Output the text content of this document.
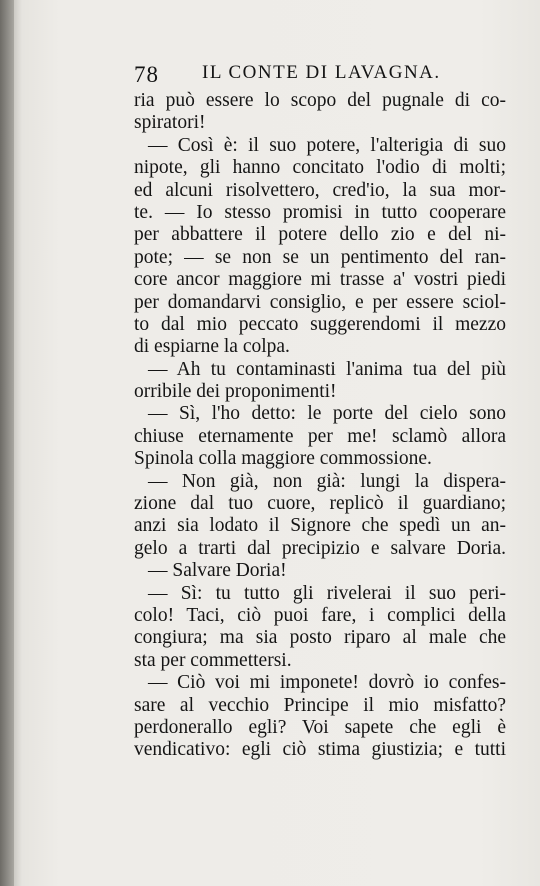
78 IL CONTE DI LAVAGNA.
ria può essere lo scopo del pugnale di co-
spiratori!
— Così è: il suo potere, l'alterigia di suo
nipote, gli hanno concitato l'odio di molti;
ed alcuni risolvettero, cred'io, la sua mor-
te. — Io stesso promisi in tutto cooperare
per abbattere il potere dello zio e del ni-
pote; — se non se un pentimento del ran-
core ancor maggiore mi trasse a' vostri piedi
per domandarvi consiglio, e per essere sciol-
to dal mio peccato suggerendomi il mezzo
di espiarne la colpa.
— Ah tu contaminasti l'anima tua del più
orribile dei proponimenti!
— Sì, l'ho detto: le porte del cielo sono
chiuse eternamente per me! sclamò allora
Spinola colla maggiore commossione.
— Non già, non già: lungi la dispera-
zione dal tuo cuore, replicò il guardiano;
anzi sia lodato il Signore che spedì un an-
gelo a trarti dal precipizio e salvare Doria.
— Salvare Doria!
— Sì: tu tutto gli rivelerai il suo peri-
colo! Taci, ciò puoi fare, i complici della
congiura; ma sia posto riparo al male che
sta per commettersi.
— Ciò voi mi imponete! dovrò io confes-
sare al vecchio Principe il mio misfatto?
perdonerallo egli? Voi sapete che egli è
vendicativo: egli ciò stima giustizia; e tutti
